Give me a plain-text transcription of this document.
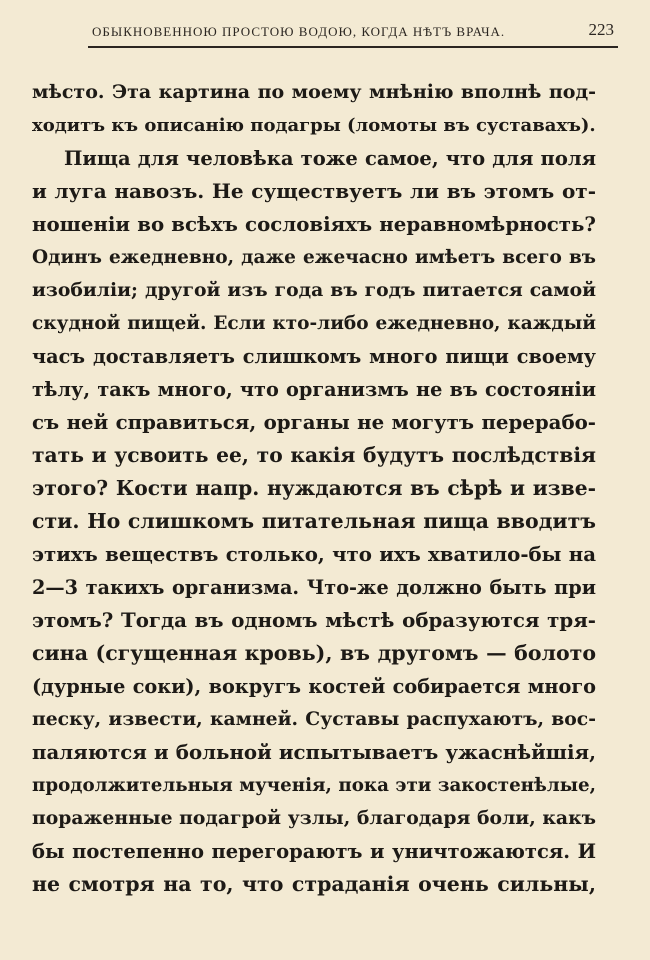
ОБЫКНОВЕННОЮ ПРОСТОЮ ВОДОЮ, КОГДА НѢТЪ ВРАЧА.	223
мѣсто. Эта картина по моему мнѣнію вполнѣ под-
ходитъ къ описанію подагры (ломоты въ суставахъ).
Пища для человѣка тоже самое, что для поля
и луга навозъ. Не существуетъ ли въ этомъ от-
ношеніи во всѣхъ сословіяхъ неравномѣрность?
Одинъ ежедневно, даже ежечасно имѣетъ всего въ
изобиліи; другой изъ года въ годъ питается самой
скудной пищей. Если кто-либо ежедневно, каждый
часъ доставляетъ слишкомъ много пищи своему
тѣлу, такъ много, что организмъ не въ состояніи
съ ней справиться, органы не могутъ перерабо-
тать и усвоить ее, то какія будутъ послѣдствія
этого? Кости напр. нуждаются въ сѣрѣ и изве-
сти. Но слишкомъ питательная пища вводитъ
этихъ веществъ столько, что ихъ хватило-бы на
2—3 такихъ организма. Что-же должно быть при
этомъ? Тогда въ одномъ мѣстѣ образуются тря-
сина (сгущенная кровь), въ другомъ — болото
(дурные соки), вокругъ костей собирается много
песку, извести, камней. Суставы распухаютъ, вос-
паляются и больной испытываетъ ужаснѣйшія,
продолжительныя мученія, пока эти закостенѣлые,
пораженные подагрой узлы, благодаря боли, какъ
бы постепенно перегораютъ и уничтожаются. И
не смотря на то, что страданія очень сильны,
